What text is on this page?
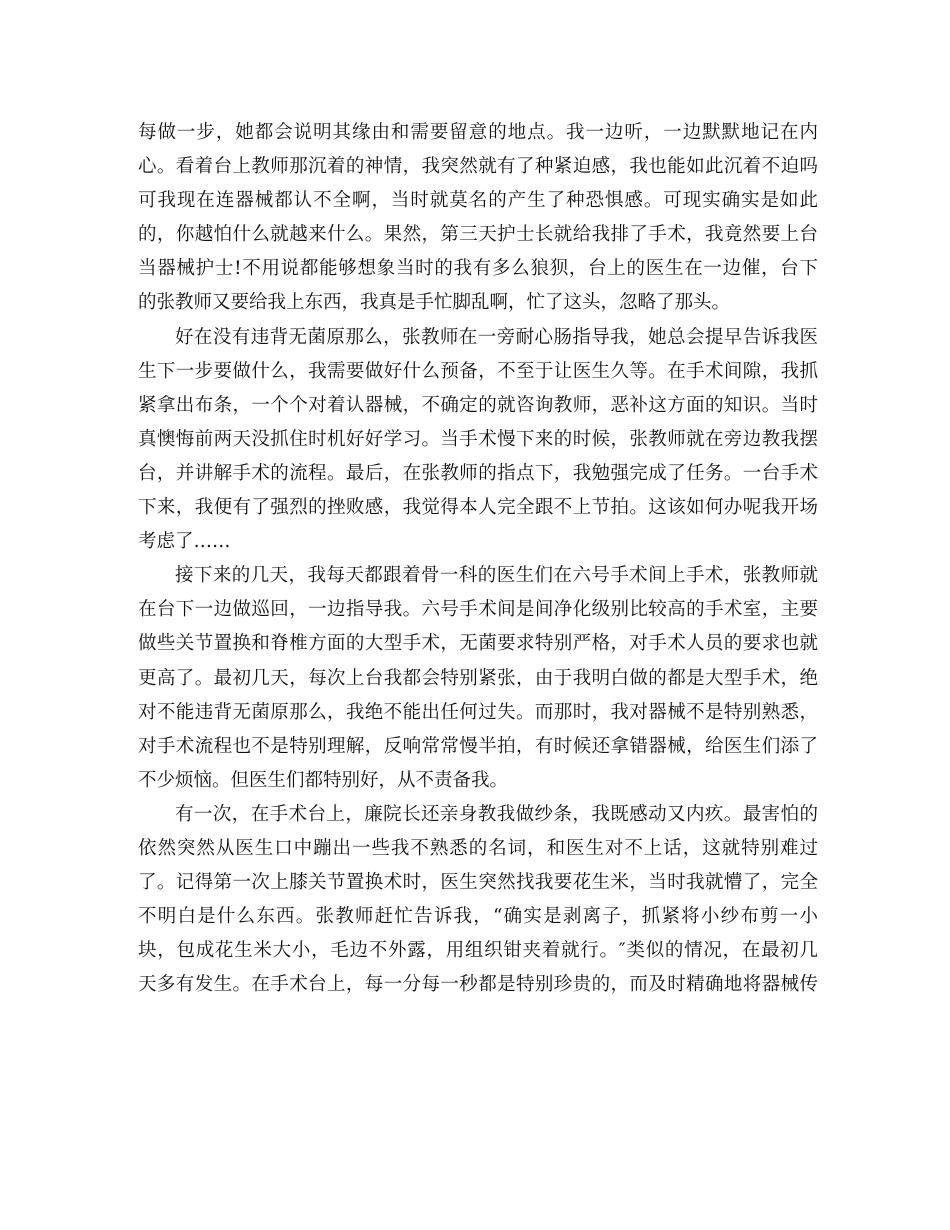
每做一步，她都会说明其缘由和需要留意的地点。我一边听，一边默默地记在内
心。看着台上教师那沉着的神情，我突然就有了种紧迫感，我也能如此沉着不迫吗
可我现在连器械都认不全啊，当时就莫名的产生了种恐惧感。可现实确实是如此
的，你越怕什么就越来什么。果然，第三天护士长就给我排了手术，我竟然要上台
当器械护士!不用说都能够想象当时的我有多么狼狈，台上的医生在一边催，台下
的张教师又要给我上东西，我真是手忙脚乱啊，忙了这头，忽略了那头。
好在没有违背无菌原那么，张教师在一旁耐心肠指导我，她总会提早告诉我医
生下一步要做什么，我需要做好什么预备，不至于让医生久等。在手术间隙，我抓
紧拿出布条，一个个对着认器械，不确定的就咨询教师，恶补这方面的知识。当时
真懊悔前两天没抓住时机好好学习。当手术慢下来的时候，张教师就在旁边教我摆
台，并讲解手术的流程。最后，在张教师的指点下，我勉强完成了任务。一台手术
下来，我便有了强烈的挫败感，我觉得本人完全跟不上节拍。这该如何办呢我开场
考虑了……
接下来的几天，我每天都跟着骨一科的医生们在六号手术间上手术，张教师就
在台下一边做巡回，一边指导我。六号手术间是间净化级别比较高的手术室，主要
做些关节置换和脊椎方面的大型手术，无菌要求特别严格，对手术人员的要求也就
更高了。最初几天，每次上台我都会特别紧张，由于我明白做的都是大型手术，绝
对不能违背无菌原那么，我绝不能出任何过失。而那时，我对器械不是特别熟悉，
对手术流程也不是特别理解，反响常常慢半拍，有时候还拿错器械，给医生们添了
不少烦恼。但医生们都特别好，从不责备我。
有一次，在手术台上，廉院长还亲身教我做纱条，我既感动又内疚。最害怕的
依然突然从医生口中蹦出一些我不熟悉的名词，和医生对不上话，这就特别难过
了。记得第一次上膝关节置换术时，医生突然找我要花生米，当时我就懵了，完全
不明白是什么东西。张教师赶忙告诉我，“确实是剥离子，抓紧将小纱布剪一小
块，包成花生米大小，毛边不外露，用组织钳夹着就行。″类似的情况，在最初几
天多有发生。在手术台上，每一分每一秒都是特别珍贵的，而及时精确地将器械传
